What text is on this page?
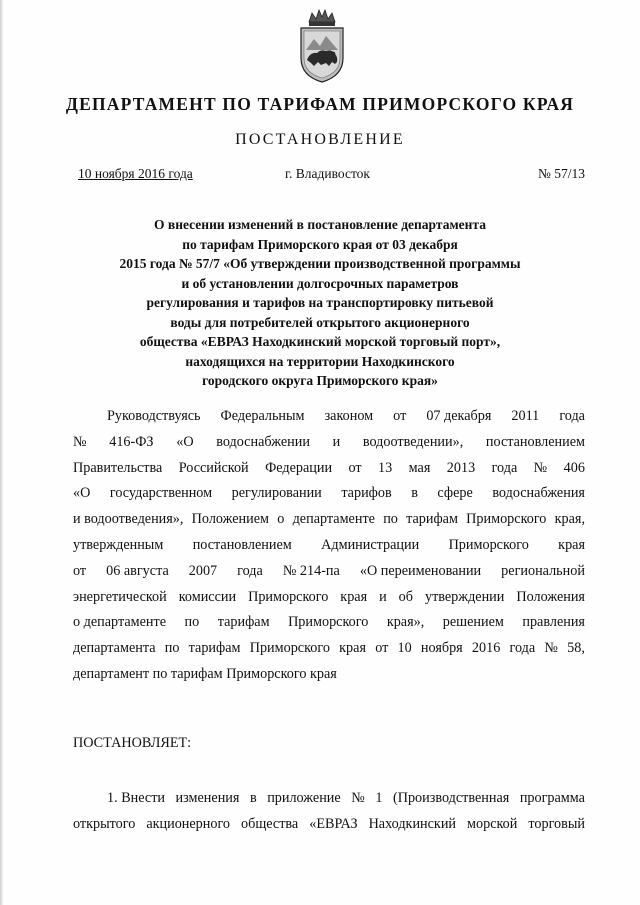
ДЕПАРТАМЕНТ ПО ТАРИФАМ ПРИМОРСКОГО КРАЯ
ПОСТАНОВЛЕНИЕ
10 ноября 2016 года	г. Владивосток	№ 57/13
О внесении изменений в постановление департамента
по тарифам Приморского края от 03 декабря
2015 года № 57/7 «Об утверждении производственной программы
и об установлении долгосрочных параметров
регулирования и тарифов на транспортировку питьевой
воды для потребителей открытого акционерного
общества «ЕВРАЗ Находкинский морской торговый порт»,
находящихся на территории Находкинского
городского округа Приморского края»
Руководствуясь Федеральным законом от 07 декабря 2011 года
№ 416-ФЗ «О водоснабжении и водоотведении», постановлением
Правительства Российской Федерации от 13 мая 2013 года № 406
«О государственном регулировании тарифов в сфере водоснабжения
и водоотведения», Положением о департаменте по тарифам Приморского края,
утвержденным постановлением Администрации Приморского края
от 06 августа 2007 года № 214-па «О переименовании региональной
энергетической комиссии Приморского края и об утверждении Положения
о департаменте по тарифам Приморского края», решением правления
департамента по тарифам Приморского края от 10 ноября 2016 года № 58,
департамент по тарифам Приморского края
ПОСТАНОВЛЯЕТ:
1. Внести изменения в приложение № 1 (Производственная программа
открытого акционерного общества «ЕВРАЗ Находкинский морской торговый
